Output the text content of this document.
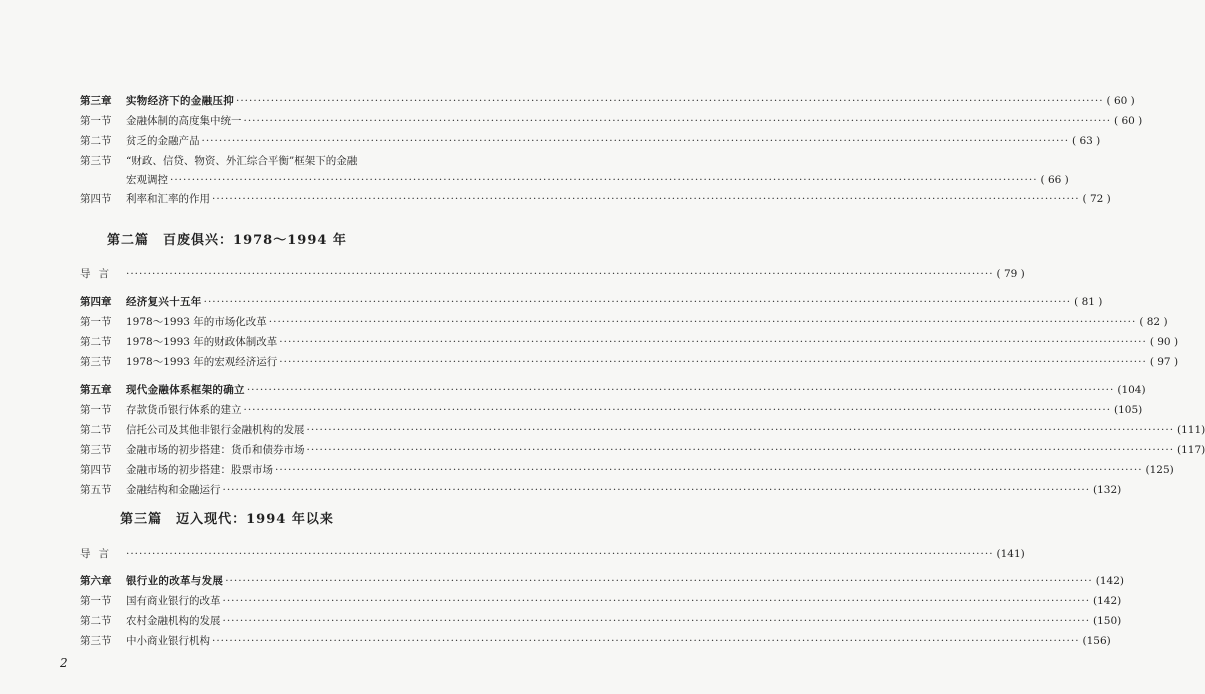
第三章	实物经济下的金融压抑 ········································································································································································································ ( 60 )
第一节	金融体制的高度集中统一 ········································································································································································································ ( 60 )
第二节	贫乏的金融产品 ········································································································································································································ ( 63 )
第三节	“财政、信贷、物资、外汇综合平衡”框架下的金融
宏观调控 ········································································································································································································ ( 66 )
第四节	利率和汇率的作用 ········································································································································································································ ( 72 )
第二篇　百废俱兴：1978～1994 年
导言 ········································································································································································································ ( 79 )
第四章	经济复兴十五年 ········································································································································································································ ( 81 )
第一节	1978～1993 年的市场化改革 ········································································································································································································ ( 82 )
第二节	1978～1993 年的财政体制改革 ········································································································································································································ ( 90 )
第三节	1978～1993 年的宏观经济运行 ········································································································································································································ ( 97 )
第五章	现代金融体系框架的确立 ········································································································································································································ (104)
第一节	存款货币银行体系的建立 ········································································································································································································ (105)
第二节	信托公司及其他非银行金融机构的发展 ········································································································································································································ (111)
第三节	金融市场的初步搭建：货币和债券市场 ········································································································································································································ (117)
第四节	金融市场的初步搭建：股票市场 ········································································································································································································ (125)
第五节	金融结构和金融运行 ········································································································································································································ (132)
第三篇　迈入现代：1994 年以来
导言 ········································································································································································································ (141)
第六章	银行业的改革与发展 ········································································································································································································ (142)
第一节	国有商业银行的改革 ········································································································································································································ (142)
第二节	农村金融机构的发展 ········································································································································································································ (150)
第三节	中小商业银行机构 ········································································································································································································ (156)
2
